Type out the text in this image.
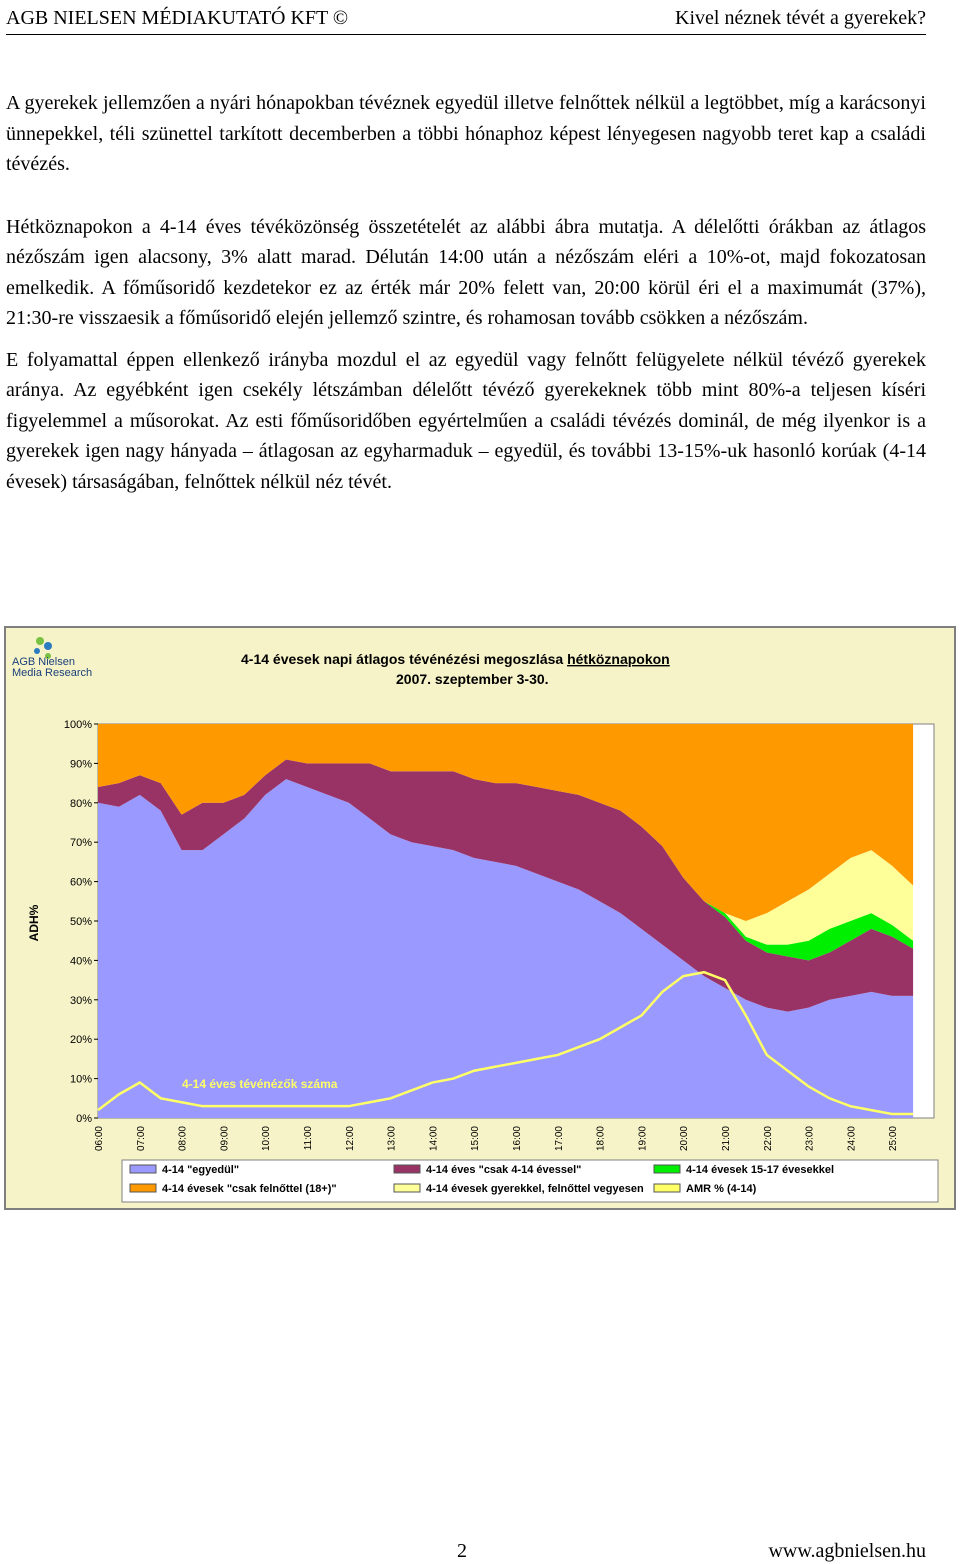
AGB NIELSEN MÉDIAKUTATÓ KFT ©	Kivel néznek tévét a gyerekek?

A gyerekek jellemzően a nyári hónapokban tévéznek egyedül illetve felnőttek nélkül a legtöbbet, míg a karácsonyi ünnepekkel, téli szünettel tarkított decemberben a többi hónaphoz képest lényegesen nagyobb teret kap a családi tévézés.

Hétköznapokon a 4-14 éves tévéközönség összetételét az alábbi ábra mutatja. A délelőtti órákban az átlagos nézőszám igen alacsony, 3% alatt marad. Délután 14:00 után a nézőszám eléri a 10%-ot, majd fokozatosan emelkedik. A főműsoridő kezdetekor ez az érték már 20% felett van, 20:00 körül éri el a maximumát (37%), 21:30-re visszaesik a főműsoridő elején jellemző szintre, és rohamosan tovább csökken a nézőszám.

E folyamattal éppen ellenkező irányba mozdul el az egyedül vagy felnőtt felügyelete nélkül tévéző gyerekek aránya. Az egyébként igen csekély létszámban délelőtt tévéző gyerekeknek több mint 80%-a teljesen kíséri figyelemmel a műsorokat. Az esti főműsoridőben egyértelműen a családi tévézés dominál, de még ilyenkor is a gyerekek igen nagy hányada – átlagosan az egyharmaduk – egyedül, és további 13-15%-uk hasonló korúak (4-14 évesek) társaságában, felnőttek nélkül néz tévét.

AGB Nielsen
Media Research
4-14 évesek napi átlagos tévénézési megoszlása hétköznapokon
2007. szeptember 3-30.
ADH%
4-14 éves tévénézők száma
0%
10%
20%
30%
40%
50%
60%
70%
80%
90%
100%
06:00	07:00	08:00	09:00	10:00	11:00	12:00	13:00	14:00	15:00	16:00	17:00	18:00	19:00	20:00	21:00	22:00	23:00	24:00	25:00
4-14 "egyedül"	4-14 éves "csak 4-14 évessel"	4-14 évesek 15-17 évesekkel
4-14 évesek "csak felnőttel (18+)"	4-14 évesek gyerekkel, felnőttel vegyesen	AMR % (4-14)
2	www.agbnielsen.hu
